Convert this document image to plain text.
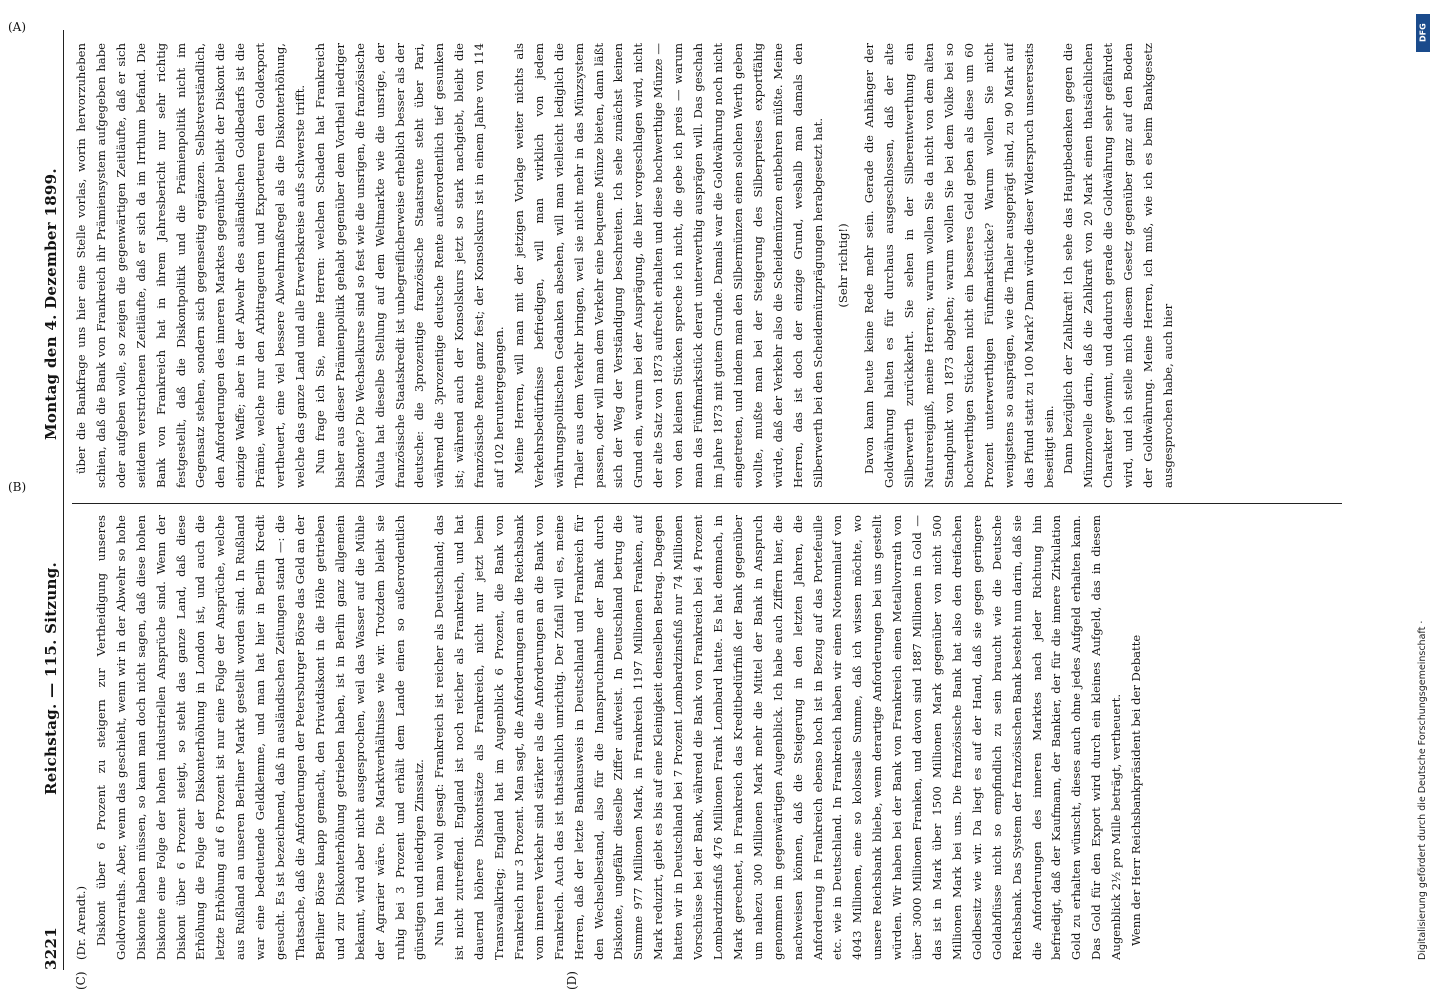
3221
Reichstag. — 115. Sitzung.
Montag den 4. Dezember 1899.
(C)	(D)

(Dr. Arendt.) Diskont über 6 Prozent zu steigern zur Vertheidigung unseres Goldvorraths. Aber, wenn das geschieht, wenn wir in der Abwehr so hohe Diskonte haben müssen, so kann man doch nicht sagen, daß diese hohen Diskonte eine Folge der hohen industriellen Ansprüche sind. Wenn der Diskont über 6 Prozent steigt, so steht das ganze Land, daß diese Erhöhung die Folge der Diskonterhöhung in London ist, und auch die letzte Erhöhung auf 6 Prozent ist nur eine Folge der Ansprüche, welche aus Rußland an unseren Berliner Markt gestellt worden sind. In Rußland war eine bedeutende Geldklemme, und man hat hier in Berlin Kredit gesucht. Es ist bezeichnend, daß in ausländischen Zeitungen stand —: die Thatsache, daß die Anforderungen der Petersburger Börse das Geld an der Berliner Börse knapp gemacht, den Privatdiskont in die Höhe getrieben und zur Diskonterhöhung getrieben haben, ist in Berlin ganz allgemein bekannt, wird aber nicht ausgesprochen, weil das Wasser auf die Mühle der Agrarier wäre. Die Marktverhältnisse wie wir. Trotzdem bleibt sie ruhig bei 3 Prozent und erhält dem Lande einen so außerordentlich günstigen und niedrigen Zinssatz. Nun hat man wohl gesagt: Frankreich ist reicher als Deutschland; das ist nicht zutreffend. England ist noch reicher als Frankreich, und hat dauernd höhere Diskontsätze als Frankreich, nicht nur jetzt beim Transvaalkrieg; England hat im Augenblick 6 Prozent, die Bank von Frankreich nur 3 Prozent. Man sagt, die Anforderungen an die Reichsbank vom inneren Verkehr sind stärker als die Anforderungen an die Bank von Frankreich. Auch das ist thatsächlich unrichtig. Der Zufall will es, meine Herren, daß der letzte Bankausweis in Deutschland und Frankreich für den Wechselbestand, also für die Inanspruchnahme der Bank durch Diskonte, ungefähr dieselbe Ziffer aufweist. In Deutschland betrug die Summe 977 Millionen Mark, in Frankreich 1197 Millionen Franken, auf Mark reduzirt, giebt es bis auf eine Kleinigkeit denselben Betrag. Dagegen hatten wir in Deutschland bei 7 Prozent Lombardzinsfuß nur 74 Millionen Vorschüsse bei der Bank, während die Bank von Frankreich bei 4 Prozent Lombardzinsfuß 476 Millionen Frank Lombard hatte. Es hat demnach, in Mark gerechnet, in Frankreich das Kreditbedürfniß der Bank gegenüber um nahezu 300 Millionen Mark mehr die Mittel der Bank in Anspruch genommen im gegenwärtigen Augenblick. Ich habe auch Ziffern hier, die nachweisen können, daß die Steigerung in den letzten Jahren, die Anforderung in Frankreich ebenso hoch ist in Bezug auf das Portefeuille etc. wie in Deutschland. In Frankreich haben wir einen Notenumlauf von 4043 Millionen, eine so kolossale Summe, daß ich wissen möchte, wo unsere Reichsbank bliebe, wenn derartige Anforderungen bei uns gestellt würden. Wir haben bei der Bank von Frankreich einen Metallvorrath von über 3000 Millionen Franken, und davon sind 1887 Millionen in Gold — das ist in Mark über 1500 Millionen Mark gegenüber von nicht 500 Millionen Mark bei uns. Die französische Bank hat also den dreifachen Goldbesitz wie wir. Da liegt es auf der Hand, daß sie gegen geringere Goldabflüsse nicht so empfindlich zu sein braucht wie die Deutsche Reichsbank. Das System der französischen Bank besteht nun darin, daß sie die Anforderungen des inneren Marktes nach jeder Richtung hin befriedigt, daß der Kaufmann, der Bankier, der für die innere Zirkulation Gold zu erhalten wünscht, dieses auch ohne jedes Aufgeld erhalten kann. Das Gold für den Export wird durch ein kleines Aufgeld, das in diesem Augenblick 2½ pro Mille beträgt, vertheuert. Wenn der Herr Reichsbankpräsident bei der Debatte

über die Bankfrage uns hier eine Stelle vorlas, worin hervorzuheben schien, daß die Bank von Frankreich ihr Prämiensystem aufgegeben habe oder aufgeben wolle, so zeigen die gegenwärtigen Zeitläufte, daß er sich seitdem verstrichenen Zeitläufte, daß er sich da im Irrthum befand. Die Bank von Frankreich hat in ihrem Jahresbericht nur sehr richtig festgestellt, daß die Diskontpolitik und die Prämienpolitik nicht im Gegensatz stehen, sondern sich gegenseitig ergänzen. Selbstverständlich, den Anforderungen des inneren Marktes gegenüber bleibt der Diskont die einzige Waffe; aber in der Abwehr des ausländischen Goldbedarfs ist die Prämie, welche nur den Arbitrageuren und Exporteuren den Goldexport vertheuert, eine viel bessere Abwehrmaßregel als die Diskonterhöhung, welche das ganze Land und alle Erwerbskreise aufs schwerste trifft. Nun frage ich Sie, meine Herren: welchen Schaden hat Frankreich bisher aus dieser Prämienpolitik gehabt gegenüber dem Vortheil niedriger Diskonte? Die Wechselkurse sind so fest wie die unsrigen, die französische Valuta hat dieselbe Stellung auf dem Weltmarkte wie die unsrige, der französische Staatskredit ist unbegreiflicherweise erheblich besser als der deutsche: die 3prozentige französische Staatsrente steht über Pari, während die 3prozentige deutsche Rente außerordentlich tief gesunken ist; während auch der Konsolskurs jetzt so stark nachgiebt, bleibt die französische Rente ganz fest; der Konsolskurs ist in einem Jahre von 114 auf 102 heruntergegangen. Meine Herren, will man mit der jetzigen Vorlage weiter nichts als Verkehrsbedürfnisse befriedigen, will man wirklich von jedem währungspolitischen Gedanken absehen, will man vielleicht lediglich die Thaler aus dem Verkehr bringen, weil sie nicht mehr in das Münzsystem passen, oder will man dem Verkehr eine bequeme Münze bieten, dann läßt sich der Weg der Verständigung beschreiten. Ich sehe zunächst keinen Grund ein, warum bei der Ausprägung, die hier vorgeschlagen wird, nicht der alte Satz von 1873 aufrecht erhalten und diese hochwerthige Münze — von den kleinen Stücken spreche ich nicht, die gebe ich preis — warum man das Fünfmarkstück derart unterwerthig ausprägen will. Das geschah im Jahre 1873 mit gutem Grunde. Damals war die Goldwährung noch nicht eingetreten, und indem man den Silbermünzen einen solchen Werth geben wollte, mußte man bei der Steigerung des Silberpreises exportfähig würde, daß der Verkehr also die Scheidemünzen entbehren müßte. Meine Herren, das ist doch der einzige Grund, weshalb man damals den Silberwerth bei den Scheidemünzprägungen herabgesetzt hat.	(Sehr richtig!)	Davon kann heute keine Rede mehr sein. Gerade die Anhänger der Goldwährung halten es für durchaus ausgeschlossen, daß der alte Silberwerth zurückkehrt. Sie sehen in der Silberentwerthung ein Naturereigniß, meine Herren; warum wollen Sie da nicht von dem alten Standpunkt von 1873 abgehen; warum wollen Sie bei dem Volke bei so hochwerthigen Stücken nicht ein besseres Geld geben als diese um 60 Prozent unterwerthigen Fünfmarkstücke? Warum wollen Sie nicht wenigstens so ausprägen, wie die Thaler ausgeprägt sind, zu 90 Mark auf das Pfund statt zu 100 Mark? Dann würde dieser Widerspruch unsererseits beseitigt sein. Dann bezüglich der Zahlkraft! Ich sehe das Hauptbedenken gegen die Münznovelle darin, daß die Zahlkraft von 20 Mark einen thatsächlichen Charakter gewinnt, und dadurch gerade die Goldwährung sehr gefährdet wird, und ich stelle mich diesem Gesetz gegenüber ganz auf den Boden der Goldwährung. Meine Herren, ich muß, wie ich es beim Bankgesetz ausgesprochen habe, auch hier

(A)
(B)
DFG
Digitalisierung gefördert durch die Deutsche Forschungsgemeinschaft ·
